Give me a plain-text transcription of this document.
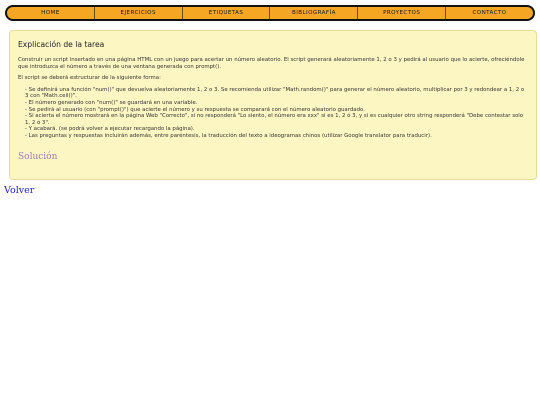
HOME	EJERCICIOS	ETIQUETAS	BIBLIOGRAFÍA	PROYECTOS	CONTACTO
Explicación de la tarea

Construir un script insertado en una página HTML con un juego para acertar un número aleatorio. El script generará aleatoriamente 1, 2 o 3 y pedirá al usuario que lo acierte, ofreciéndole que introduzca el número a través de una ventana generada con prompt().

El script se deberá estructurar de la siguiente forma:

- Se definirá una función "num()" que devuelva aleatoriamente 1, 2 o 3. Se recomienda utilizar "Math.random()" para generar el número aleatorio, multiplicar por 3 y redondear a 1, 2 o 3 con "Math.ceil()".
- El número generado con "num()" se guardará en una variable.
- Se pedirá al usuario (con "prompt()") que acierte el número y su respuesta se comparará con el número aleatorio guardado.
- Si acierta el número mostrará en la página Web "Correcto", si no responderá "Lo siento, el número era xxx" si es 1, 2 ó 3, y si es cualquier otro string responderá "Debe contestar solo 1, 2 ó 3".
- Y acabará. (se podrá volver a ejecutar recargando la página).
- Las preguntas y respuestas incluirán además, entre paréntesis, la traducción del texto a ideogramas chinos (utilizar Google translator para traducir).
Solución
Volver
